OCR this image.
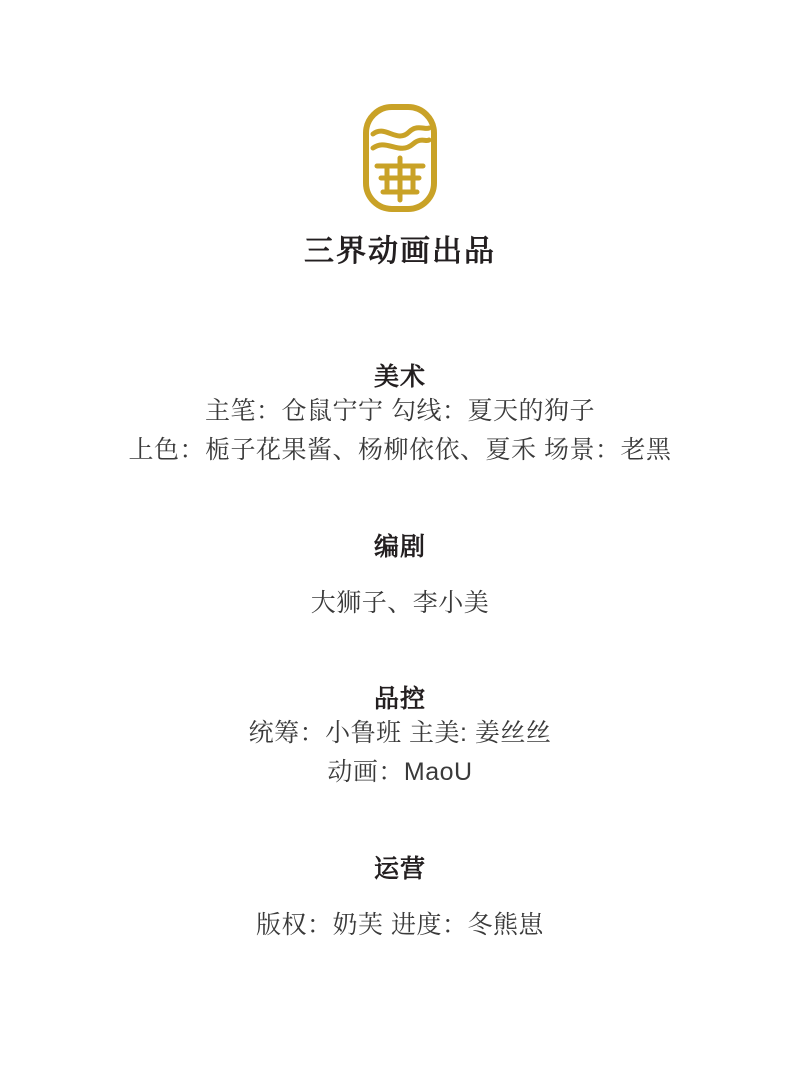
三界动画出品
美术
主笔：仓鼠宁宁 勾线：夏天的狗子
上色：栀子花果酱、杨柳依依、夏禾 场景：老黑
编剧
大狮子、李小美
品控
统筹：小鲁班 主美: 姜丝丝
动画：MaoU
运营
版权：奶芙 进度：冬熊崽
